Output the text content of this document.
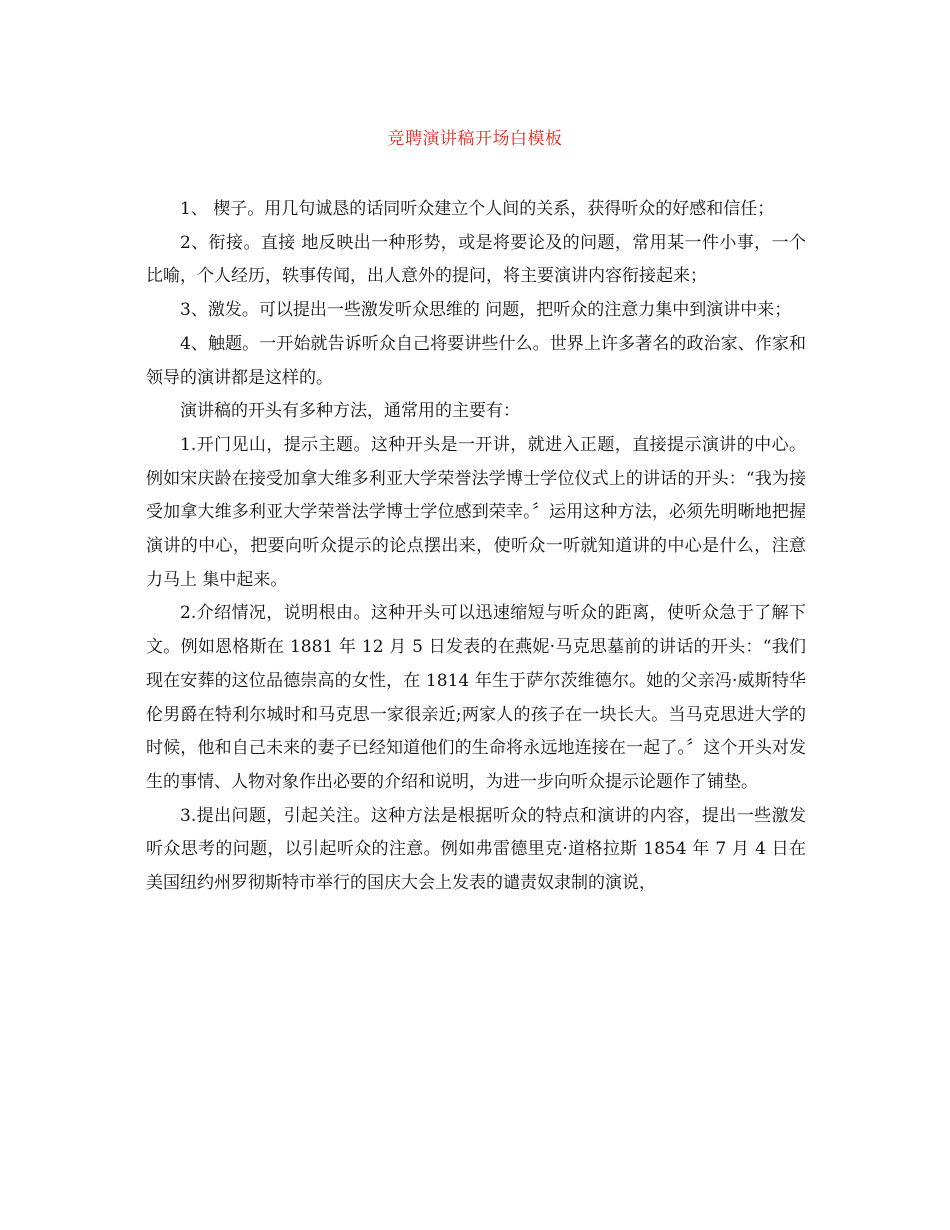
竞聘演讲稿开场白模板

1、 楔子。用几句诚恳的话同听众建立个人间的关系，获得听众的好感和信任；

2、衔接。直接 地反映出一种形势，或是将要论及的问题，常用某一件小事，一个比喻，个人经历，轶事传闻，出人意外的提问，将主要演讲内容衔接起来；

3、激发。可以提出一些激发听众思维的 问题，把听众的注意力集中到演讲中来；

4、触题。一开始就告诉听众自己将要讲些什么。世界上许多著名的政治家、作家和领导的演讲都是这样的。

演讲稿的开头有多种方法，通常用的主要有：

1.开门见山，提示主题。这种开头是一开讲，就进入正题，直接提示演讲的中心。例如宋庆龄在接受加拿大维多利亚大学荣誉法学博士学位仪式上的讲话的开头：“我为接受加拿大维多利亚大学荣誉法学博士学位感到荣幸。〞运用这种方法，必须先明晰地把握演讲的中心，把要向听众提示的论点摆出来，使听众一听就知道讲的中心是什么，注意力马上 集中起来。

2.介绍情况，说明根由。这种开头可以迅速缩短与听众的距离，使听众急于了解下文。例如恩格斯在 1881 年 12 月 5 日发表的在燕妮·马克思墓前的讲话的开头：“我们现在安葬的这位品德崇高的女性，在 1814 年生于萨尔茨维德尔。她的父亲冯·威斯特华伦男爵在特利尔城时和马克思一家很亲近;两家人的孩子在一块长大。当马克思进大学的时候，他和自己未来的妻子已经知道他们的生命将永远地连接在一起了。〞这个开头对发生的事情、人物对象作出必要的介绍和说明，为进一步向听众提示论题作了铺垫。

3.提出问题，引起关注。这种方法是根据听众的特点和演讲的内容，提出一些激发听众思考的问题，以引起听众的注意。例如弗雷德里克·道格拉斯 1854 年 7 月 4 日在美国纽约州罗彻斯特市举行的国庆大会上发表的谴责奴隶制的演说，
